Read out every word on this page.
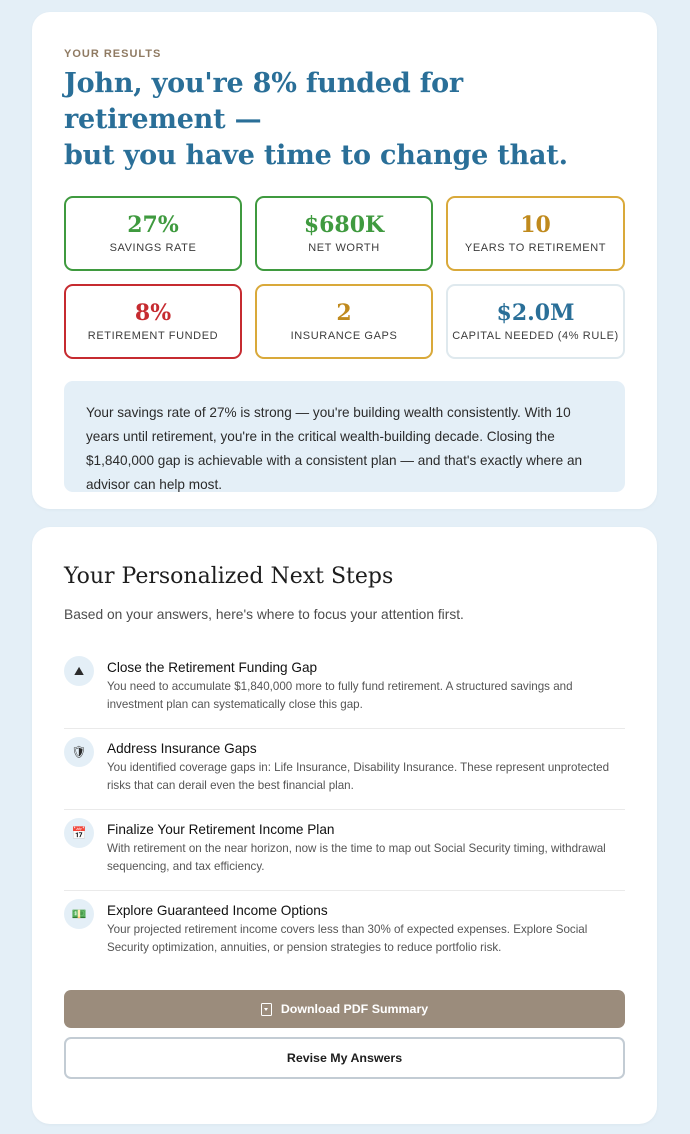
YOUR RESULTS
John, you're 8% funded for retirement —
but you have time to change that.
27%
SAVINGS RATE
$680K
NET WORTH
10
YEARS TO RETIREMENT
8%
RETIREMENT FUNDED
2
INSURANCE GAPS
$2.0M
CAPITAL NEEDED (4% RULE)
Your savings rate of 27% is strong — you're building wealth consistently. With 10 years until retirement, you're in the critical wealth-building decade. Closing the $1,840,000 gap is achievable with a consistent plan — and that's exactly where an advisor can help most.
Your Personalized Next Steps
Based on your answers, here's where to focus your attention first.
⛰	Close the Retirement Funding Gap
You need to accumulate $1,840,000 more to fully fund retirement. A structured savings and investment plan can systematically close this gap.
🛡	Address Insurance Gaps
You identified coverage gaps in: Life Insurance, Disability Insurance. These represent unprotected risks that can derail even the best financial plan.
📅	Finalize Your Retirement Income Plan
With retirement on the near horizon, now is the time to map out Social Security timing, withdrawal sequencing, and tax efficiency.
💵	Explore Guaranteed Income Options
Your projected retirement income covers less than 30% of expected expenses. Explore Social Security optimization, annuities, or pension strategies to reduce portfolio risk.
Download PDF Summary
Revise My Answers
